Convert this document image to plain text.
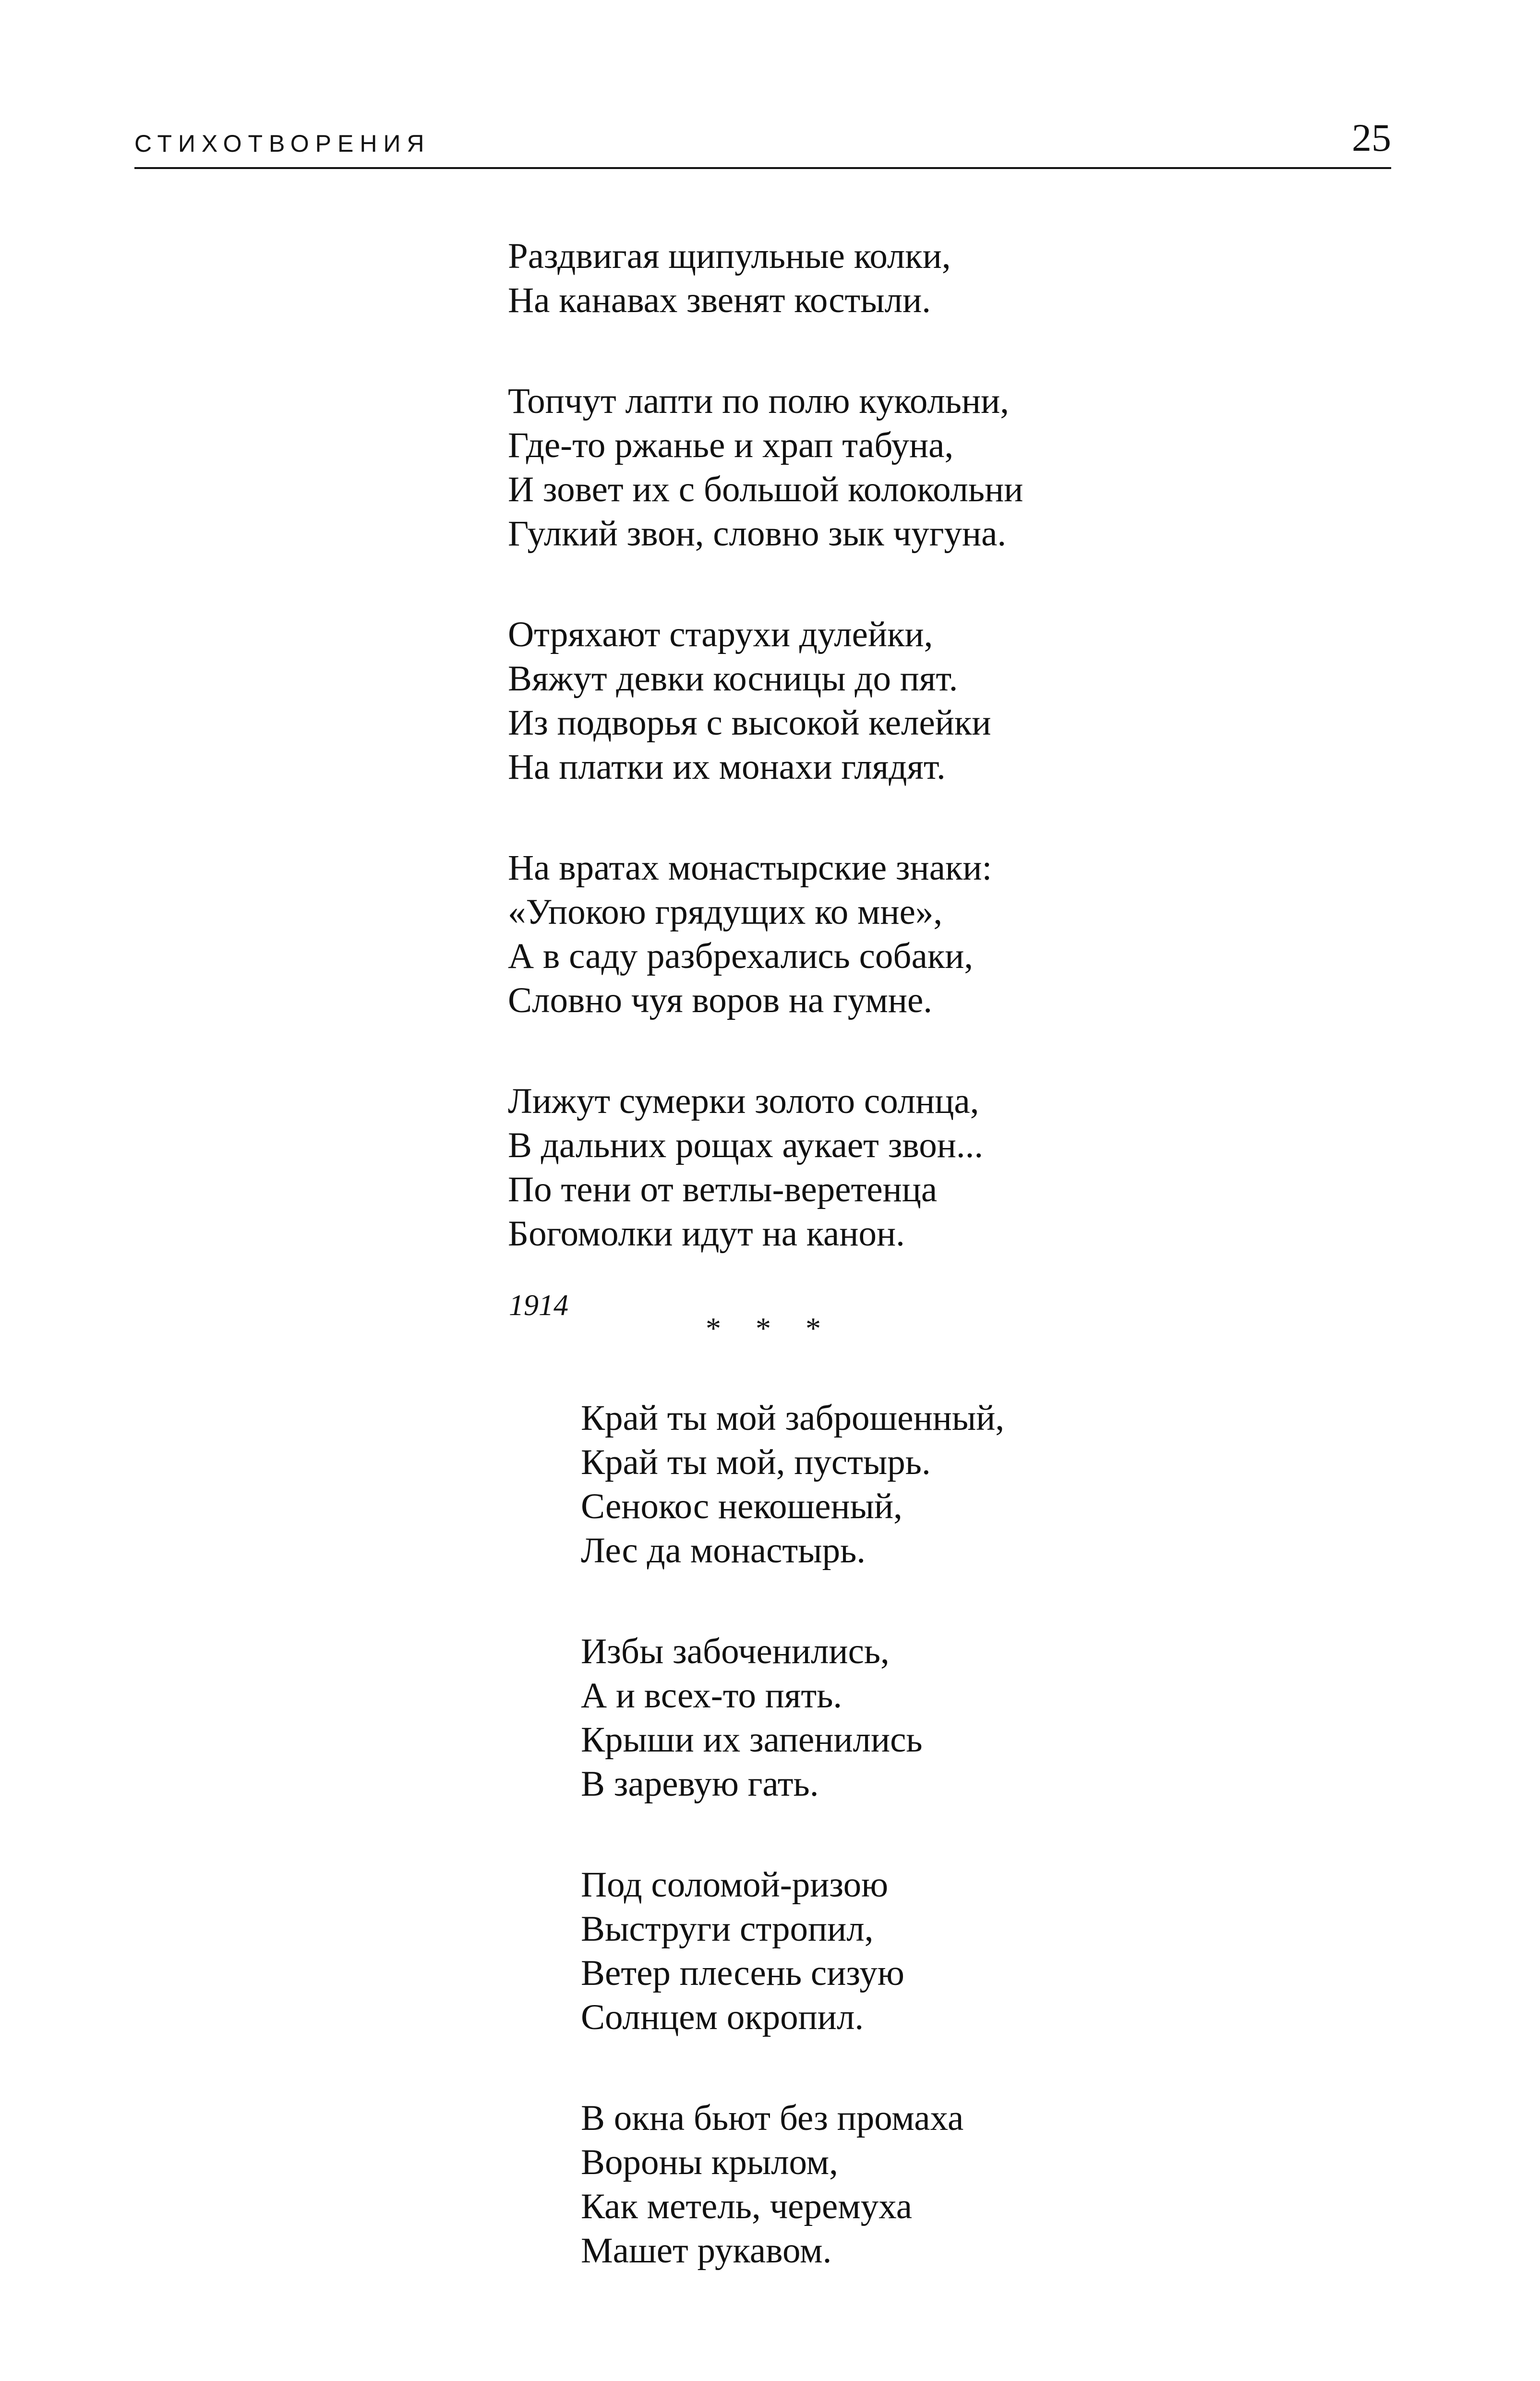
СТИХОТВОРЕНИЯ	25
Раздвигая щипульные колки,
На канавах звенят костыли.
Топчут лапти по полю кукольни,
Где-то ржанье и храп табуна,
И зовет их с большой колокольни
Гулкий звон, словно зык чугуна.
Отряхают старухи дулейки,
Вяжут девки косницы до пят.
Из подворья с высокой келейки
На платки их монахи глядят.
На вратах монастырские знаки:
«Упокою грядущих ко мне»,
А в саду разбрехались собаки,
Словно чуя воров на гумне.
Лижут сумерки золото солнца,
В дальних рощах аукает звон...
По тени от ветлы-веретенца
Богомолки идут на канон.
1914
* * *
Край ты мой заброшенный,
Край ты мой, пустырь.
Сенокос некошеный,
Лес да монастырь.
Избы забоченились,
А и всех-то пять.
Крыши их запенились
В заревую гать.
Под соломой-ризою
Выструги стропил,
Ветер плесень сизую
Солнцем окропил.
В окна бьют без промаха
Вороны крылом,
Как метель, черемуха
Машет рукавом.
